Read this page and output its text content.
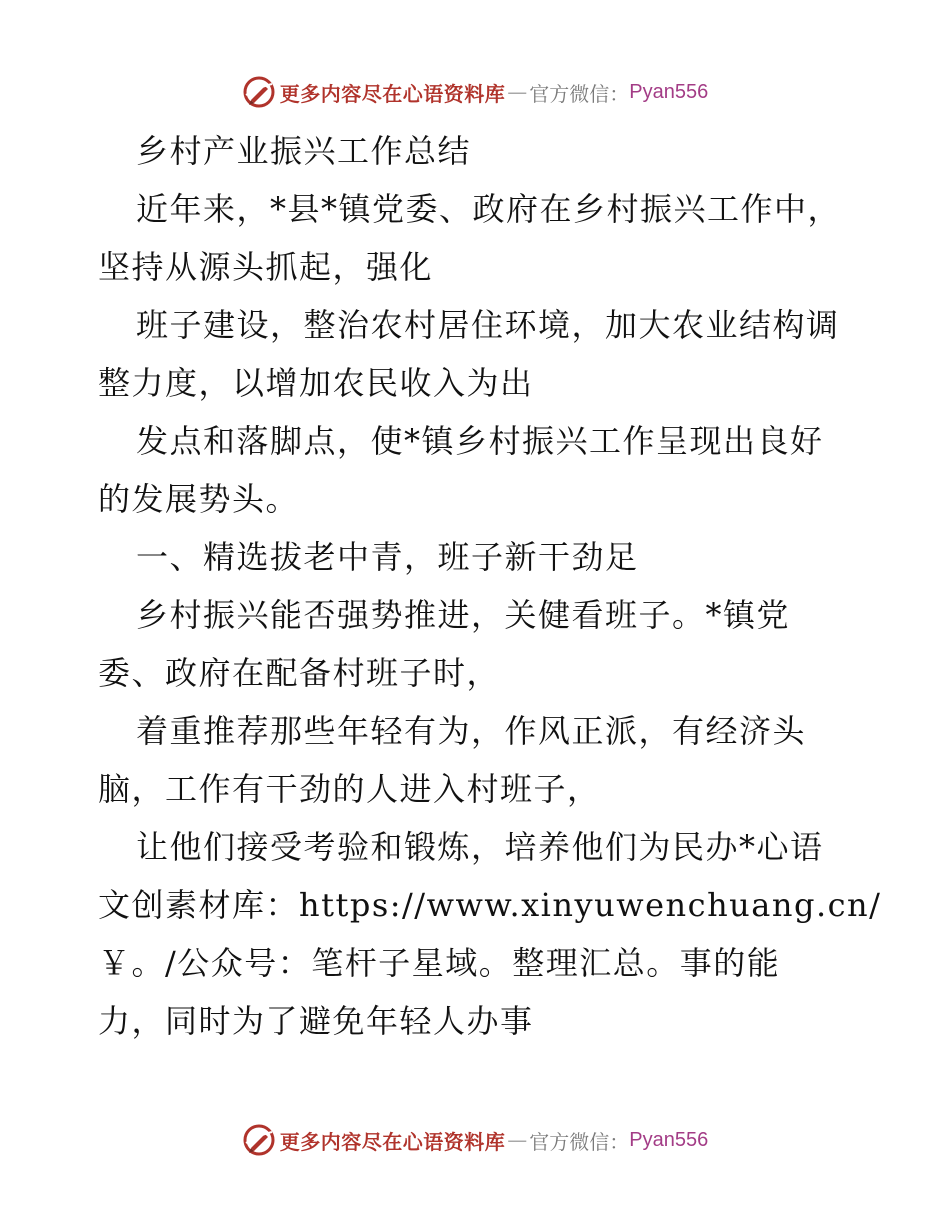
更多内容尽在心语资料库 — 官方微信： Pyan556
乡村产业振兴工作总结
近年来，*县*镇党委、政府在乡村振兴工作中，
坚持从源头抓起，强化
班子建设，整治农村居住环境，加大农业结构调
整力度，以增加农民收入为出
发点和落脚点，使*镇乡村振兴工作呈现出良好
的发展势头。
一、精选拔老中青，班子新干劲足
乡村振兴能否强势推进，关健看班子。*镇党
委、政府在配备村班子时，
着重推荐那些年轻有为，作风正派，有经济头
脑，工作有干劲的人进入村班子，
让他们接受考验和锻炼，培养他们为民办*心语
文创素材库：https://www.xinyuwenchuang.cn/
￥。/公众号：笔杆子星域。整理汇总。事的能
力，同时为了避免年轻人办事
更多内容尽在心语资料库 — 官方微信： Pyan556
